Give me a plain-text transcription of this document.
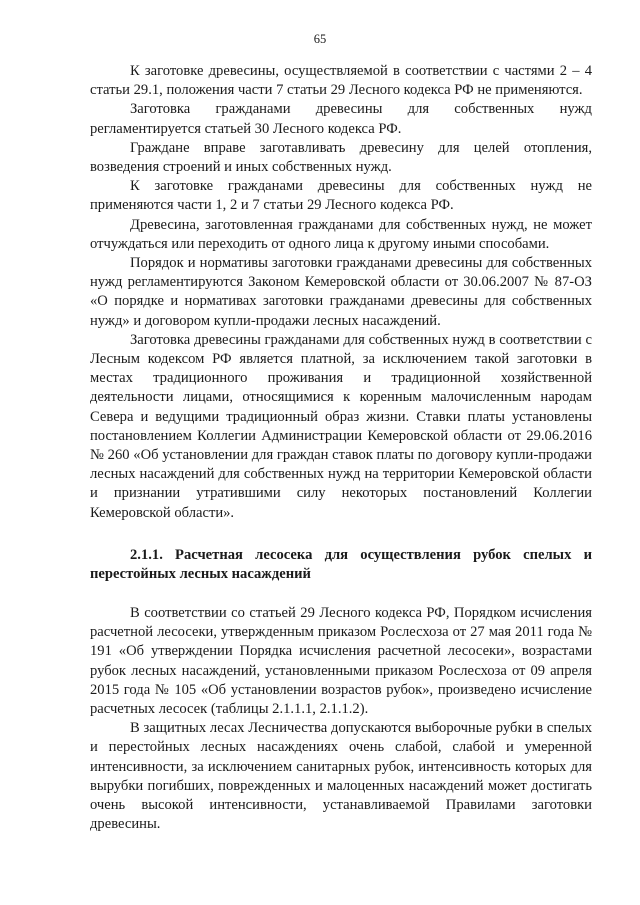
65

К заготовке древесины, осуществляемой в соответствии с частями 2 – 4 статьи 29.1, положения части 7 статьи 29 Лесного кодекса РФ не применяются.

Заготовка гражданами древесины для собственных нужд регламентируется статьей 30 Лесного кодекса РФ.

Граждане вправе заготавливать древесину для целей отопления, возведения строений и иных собственных нужд.

К заготовке гражданами древесины для собственных нужд не применяются части 1, 2 и 7 статьи 29 Лесного кодекса РФ.

Древесина, заготовленная гражданами для собственных нужд, не может отчуждаться или переходить от одного лица к другому иными способами.

Порядок и нормативы заготовки гражданами древесины для собственных нужд регламентируются Законом Кемеровской области от 30.06.2007 № 87-ОЗ «О порядке и нормативах заготовки гражданами древесины для собственных нужд» и договором купли-продажи лесных насаждений.

Заготовка древесины гражданами для собственных нужд в соответствии с Лесным кодексом РФ является платной, за исключением такой заготовки в местах традиционного проживания и традиционной хозяйственной деятельности лицами, относящимися к коренным малочисленным народам Севера и ведущими традиционный образ жизни. Ставки платы установлены постановлением Коллегии Администрации Кемеровской области от 29.06.2016 № 260 «Об установлении для граждан ставок платы по договору купли-продажи лесных насаждений для собственных нужд на территории Кемеровской области и признании утратившими силу некоторых постановлений Коллегии Кемеровской области».

2.1.1. Расчетная лесосека для осуществления рубок спелых и перестойных лесных насаждений

В соответствии со статьей 29 Лесного кодекса РФ, Порядком исчисления расчетной лесосеки, утвержденным приказом Рослесхоза от 27 мая 2011 года № 191 «Об утверждении Порядка исчисления расчетной лесосеки», возрастами рубок лесных насаждений, установленными приказом Рослесхоза от 09 апреля 2015 года № 105 «Об установлении возрастов рубок», произведено исчисление расчетных лесосек (таблицы 2.1.1.1, 2.1.1.2).

В защитных лесах Лесничества допускаются выборочные рубки в спелых и перестойных лесных насаждениях очень слабой, слабой и умеренной интенсивности, за исключением санитарных рубок, интенсивность которых для вырубки погибших, поврежденных и малоценных насаждений может достигать очень высокой интенсивности, устанавливаемой Правилами заготовки древесины.
